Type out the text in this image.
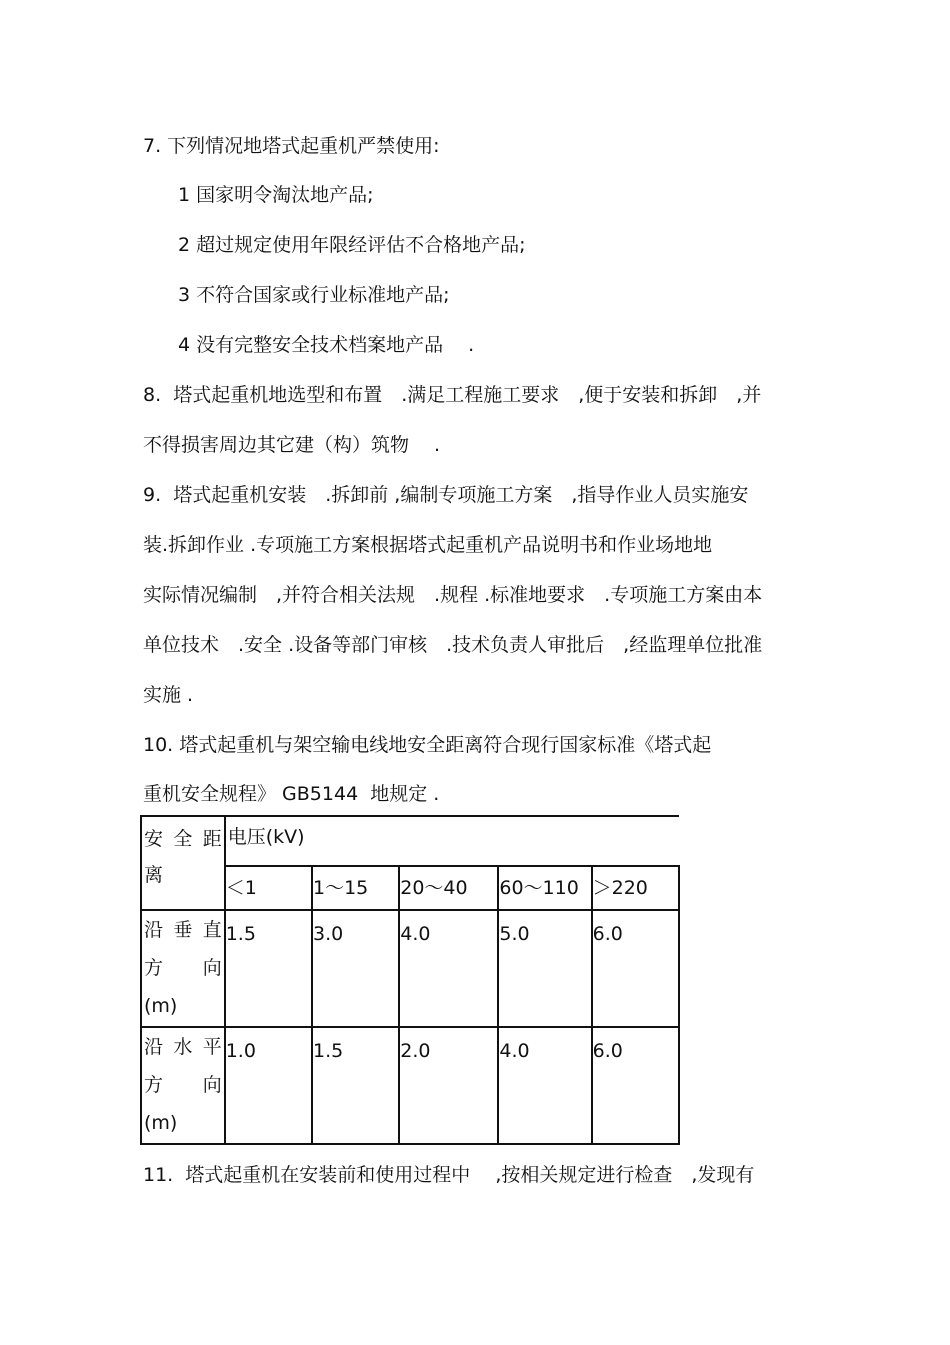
7. 下列情况地塔式起重机严禁使用:
1 国家明令淘汰地产品;
2 超过规定使用年限经评估不合格地产品;
3 不符合国家或行业标准地产品;
4 没有完整安全技术档案地产品　 .
8.  塔式起重机地选型和布置　.满足工程施工要求　,便于安装和拆卸　,并
不得损害周边其它建（构）筑物　 .
9.  塔式起重机安装　.拆卸前 ,编制专项施工方案　,指导作业人员实施安
装.拆卸作业 .专项施工方案根据塔式起重机产品说明书和作业场地地
实际情况编制　,并符合相关法规　.规程 .标准地要求　.专项施工方案由本
单位技术　.安全 .设备等部门审核　.技术负责人审批后　,经监理单位批准
实施 .
10. 塔式起重机与架空输电线地安全距离符合现行国家标准《塔式起
重机安全规程》 GB5144  地规定 .
安 全 距
离	电压(kV)				
	＜1	1～15	20～40	60～110	＞220

沿 垂 直
方　　向
(m)	1.5	3.0	4.0	5.0	6.0

沿 水 平
方　　向
(m)	1.0	1.5	2.0	4.0	6.0
11.  塔式起重机在安装前和使用过程中　 ,按相关规定进行检查　,发现有
